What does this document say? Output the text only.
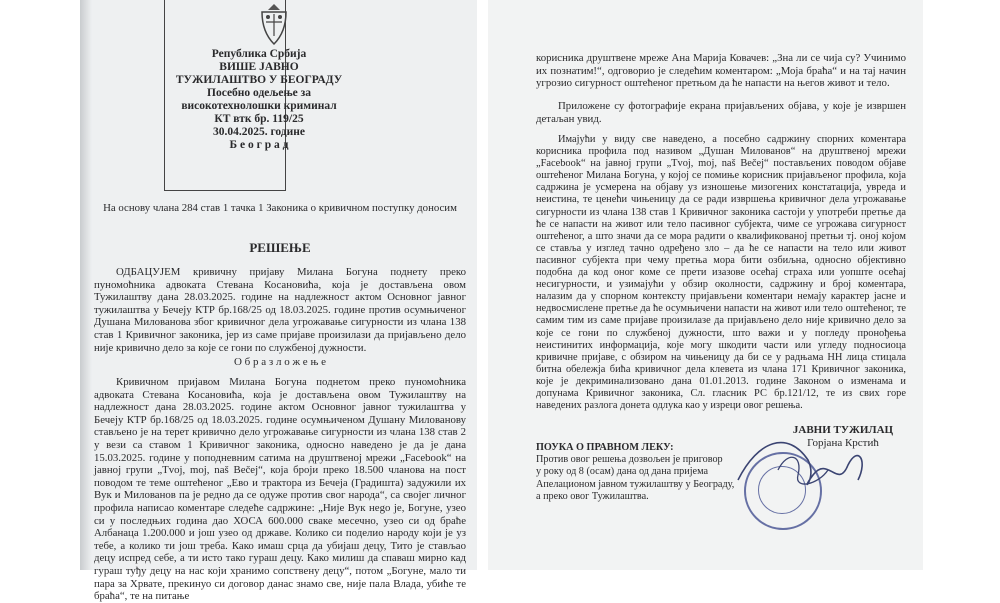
Република Србија
ВИШЕ ЈАВНО
ТУЖИЛАШТВО У БЕОГРАДУ
Посебно одељење за
високотехнолошки криминал
КТ втк бр. 119/25
30.04.2025. године
Б е о г р а д
На основу члана 284 став 1 тачка 1 Законика о кривичном поступку доносим
РЕШЕЊЕ
ОДБАЦУЈЕМ кривичну пријаву Милана Богуна поднету преко пуномоћника адвоката Стевана Косановића, која је достављена овом Тужилаштву дана 28.03.2025. године на надлежност актом Основног јавног тужилаштва у Бечеју КТР бр.168/25 од 18.03.2025. године против осумњиченог Душана Милованова због кривичног дела угрожавање сигурности из члана 138 став 1 Кривичног законика, јер из саме пријаве произилази да пријављено дело није кривично дело за које се гони по службеној дужности.
О б р а з л о ж е њ е
Кривичном пријавом Милана Богуна поднетом преко пуномоћника адвоката Стевана Косановића, која је достављена овом Тужилаштву на надлежност дана 28.03.2025. године актом Основног јавног тужилаштва у Бечеју КТР бр.168/25 од 18.03.2025. године осумњиченом Душану Милованову стављено је на терет кривично дело угрожавање сигурности из члана 138 став 2 у вези са ставом 1 Кривичног законика, односно наведено је да је дана 15.03.2025. године у поподневним сатима на друштвеној мрежи „Facebook“ на јавној групи „Tvoj, moj, naš Bečej“, која броји преко 18.500 чланова на пост поводом те теме оштећеног „Ево и трактора из Бечеја (Градишта) задужили их Вук и Милованов па је редно да се одуже против свог народа“, са својег личног профила написао коментаре следеће садржине: „Није Вук нego је, Богуне, узео си у последњих година дао ХОСА 600.000 сваке месечно, узео си од браће Албанаца 1.200.000 и још узео од државе. Колико си поделио народу који је уз тебе, а колико ти још треба. Како имаш срца да убијаш децу, Тито је стављао децу испред себе, а ти исто тако гураш децу. Како милиш да спаваш мирно кад гураш туђу децу на нас који хранимо сопствену децу“, потом „Богуне, мало ти пара за Хрвате, прекинуо си договор данас знамо све, није пала Влада, убиће те браћа“, те на питање
корисника друштвене мреже Ана Марија Ковачев: „Зна ли се чија су? Учинимо их познатим!“, одговорио је следећим коментаром: „Моја браћа“ и на тај начин угрозио сигурност оштећеног претњом да ће напасти на његов живот и тело.
Приложене су фотографије екрана пријављених објава, у које је извршен детаљан увид.
Имајући у виду све наведено, а посебно садржину спорних коментара корисника профила под називом „Душан Милованов“ на друштвеној мрежи „Facebook“ на јавној групи „Tvoj, moj, naš Bečej“ постављених поводом објаве оштећеног Милана Богуна, у којој се помиње корисник пријављеног профила, која садржина је усмерена на објаву уз изношење мизогених констатација, увреда и неистина, те ценећи чињеницу да се ради извршења кривичног дела угрожавање сигурности из члана 138 став 1 Кривичног законика састоји у употреби претње да ће се напасти на живот или тело пасивног субјекта, чиме се угрожава сигурност оштећеног, а што значи да се мора радити о квалификованој претњи тј. оној којом се ставља у изглед тачно одређено зло – да ће се напасти на тело или живот пасивног субјекта при чему претња мора бити озбиљна, односно објективно подобна да код оног коме се прети изазове осећај страха или уопште осећај несигурности, и узимајући у обзир околности, садржину и број коментара, налазим да у спорном контексту пријављени коментари немају карактер јасне и недвосмислене претње да ће осумњичени напасти на живот или тело оштећеног, те самим тим из саме пријаве произилазе да пријављено дело није кривично дело за које се гони по службеној дужности, што важи и у погледу пронођења неистинитих информација, које могу шкодити части или угледу подносиоца кривичне пријаве, с обзиром на чињеницу да би се у радњама НН лица стицала битна обележја бића кривичног дела клевета из члана 171 Кривичног законика, које је декриминализовано дана 01.01.2013. године Законом о изменама и допунама Кривичног законика, Сл. гласник РС бр.121/12, те из свих горе наведених разлога донета одлука као у изреци овог решења.
ПОУКА О ПРАВНОМ ЛЕКУ:
Против овог решења дозвољен је приговор
у року од 8 (осам) дана од дана пријема
Апелационом јавном тужилаштву у Београду,
а преко овог Тужилаштва.
ЈАВНИ ТУЖИЛАЦ
Горјана Крстић
